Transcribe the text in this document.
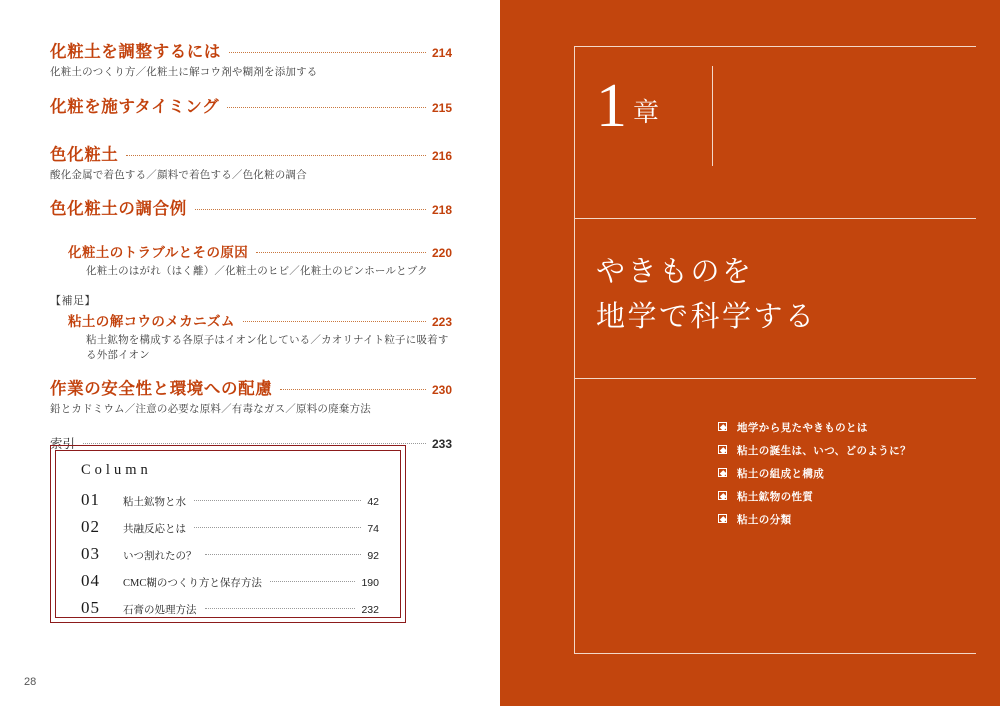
化粧土を調整するには	214
化粧土のつくり方／化粧土に解コウ剤や糊剤を添加する
化粧を施すタイミング	215
色化粧土	216
酸化金属で着色する／顔料で着色する／色化粧の調合
色化粧土の調合例	218
化粧土のトラブルとその原因	220
化粧土のはがれ（はく離）／化粧土のヒビ／化粧土のピンホールとブク
【補足】
粘土の解コウのメカニズム	223
粘土鉱物を構成する各原子はイオン化している／カオリナイト粒子に吸着する外部イオン
作業の安全性と環境への配慮	230
鉛とカドミウム／注意の必要な原料／有毒なガス／原料の廃棄方法
索引	233
Column
01	粘土鉱物と水	42
02	共融反応とは	74
03	いつ割れたの？	92
04	CMC糊のつくり方と保存方法	190
05	石膏の処理方法	232
28
1 章
やきものを
地学で科学する
地学から見たやきものとは
粘土の誕生は、いつ、どのように？
粘土の組成と構成
粘土鉱物の性質
粘土の分類
